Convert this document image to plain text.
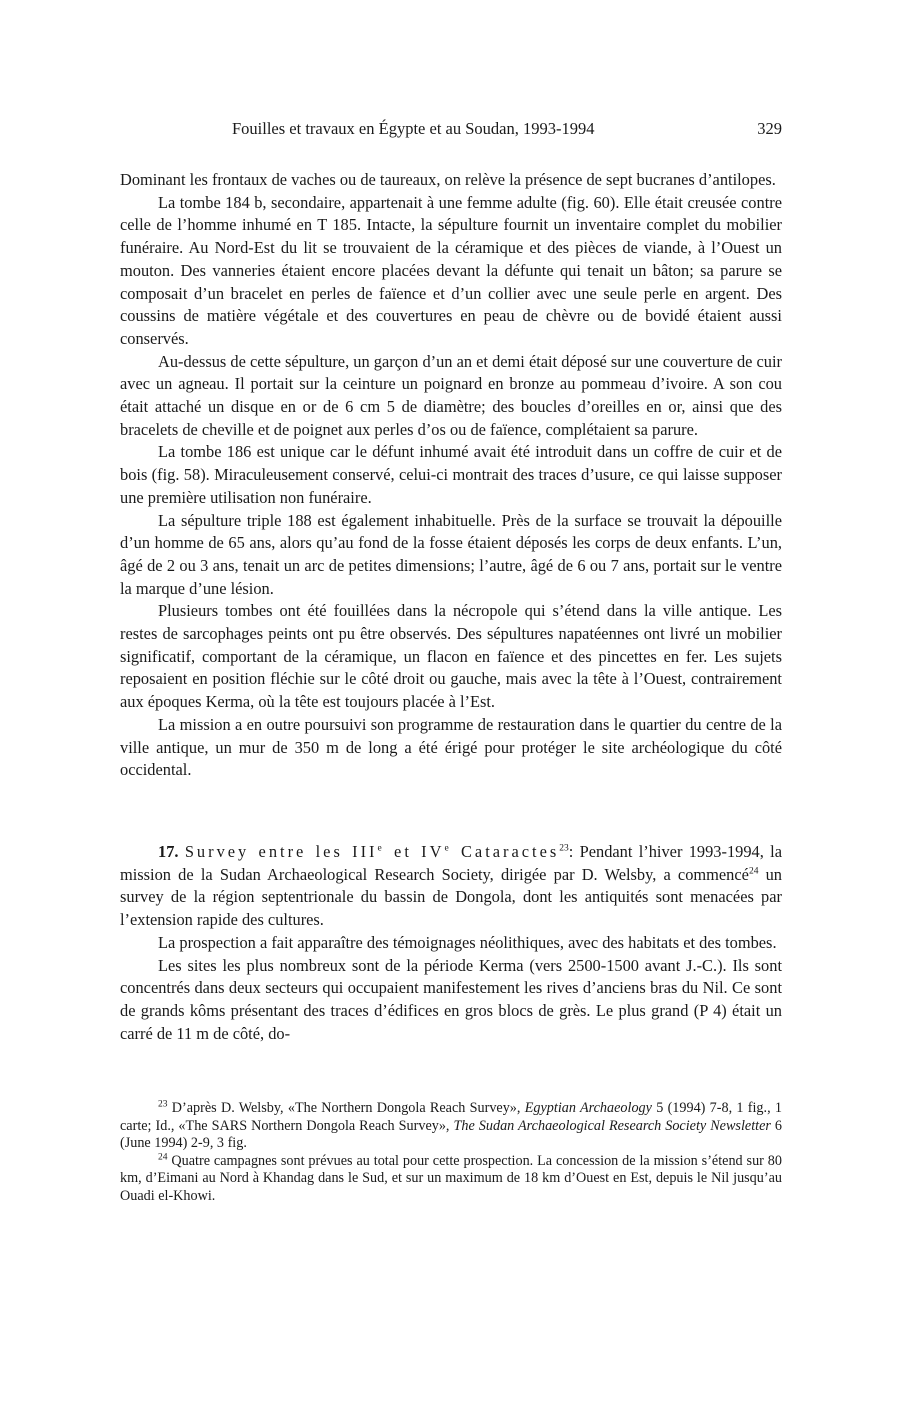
Fouilles et travaux en Égypte et au Soudan, 1993-1994	329

Dominant les frontaux de vaches ou de taureaux, on relève la présence de sept bucranes d’antilopes.

La tombe 184 b, secondaire, appartenait à une femme adulte (fig. 60). Elle était creusée contre celle de l’homme inhumé en T 185. Intacte, la sépulture fournit un inventaire complet du mobilier funéraire. Au Nord-Est du lit se trouvaient de la céramique et des pièces de viande, à l’Ouest un mouton. Des vanneries étaient encore placées devant la défunte qui tenait un bâton; sa parure se composait d’un bracelet en perles de faïence et d’un collier avec une seule perle en argent. Des coussins de matière végétale et des couvertures en peau de chèvre ou de bovidé étaient aussi conservés.

Au-dessus de cette sépulture, un garçon d’un an et demi était déposé sur une couverture de cuir avec un agneau. Il portait sur la ceinture un poignard en bronze au pommeau d’ivoire. A son cou était attaché un disque en or de 6 cm 5 de diamètre; des boucles d’oreilles en or, ainsi que des bracelets de cheville et de poignet aux perles d’os ou de faïence, complétaient sa parure.

La tombe 186 est unique car le défunt inhumé avait été introduit dans un coffre de cuir et de bois (fig. 58). Miraculeusement conservé, celui-ci montrait des traces d’usure, ce qui laisse supposer une première utilisation non funéraire.

La sépulture triple 188 est également inhabituelle. Près de la surface se trouvait la dépouille d’un homme de 65 ans, alors qu’au fond de la fosse étaient déposés les corps de deux enfants. L’un, âgé de 2 ou 3 ans, tenait un arc de petites dimensions; l’autre, âgé de 6 ou 7 ans, portait sur le ventre la marque d’une lésion.

Plusieurs tombes ont été fouillées dans la nécropole qui s’étend dans la ville antique. Les restes de sarcophages peints ont pu être observés. Des sépultures napatéennes ont livré un mobilier significatif, comportant de la céramique, un flacon en faïence et des pincettes en fer. Les sujets reposaient en position fléchie sur le côté droit ou gauche, mais avec la tête à l’Ouest, contrairement aux époques Kerma, où la tête est toujours placée à l’Est.

La mission a en outre poursuivi son programme de restauration dans le quartier du centre de la ville antique, un mur de 350 m de long a été érigé pour protéger le site archéologique du côté occidental.

17. Survey entre les IIIe et IVe Cataractes$^{23}$: Pendant l’hiver 1993-1994, la mission de la Sudan Archaeological Research Society, dirigée par D. Welsby, a commencé$^{24}$ un survey de la région septentrionale du bassin de Dongola, dont les antiquités sont menacées par l’extension rapide des cultures.

La prospection a fait apparaître des témoignages néolithiques, avec des habitats et des tombes.

Les sites les plus nombreux sont de la période Kerma (vers 2500-1500 avant J.-C.). Ils sont concentrés dans deux secteurs qui occupaient manifestement les rives d’anciens bras du Nil. Ce sont de grands kôms présentant des traces d’édifices en gros blocs de grès. Le plus grand (P 4) était un carré de 11 m de côté, do-

$^{23}$ D’après D. Welsby, «The Northern Dongola Reach Survey», Egyptian Archaeology 5 (1994) 7-8, 1 fig., 1 carte; Id., «The SARS Northern Dongola Reach Survey», The Sudan Archaeological Research Society Newsletter 6 (June 1994) 2-9, 3 fig.

$^{24}$ Quatre campagnes sont prévues au total pour cette prospection. La concession de la mission s’étend sur 80 km, d’Eimani au Nord à Khandag dans le Sud, et sur un maximum de 18 km d’Ouest en Est, depuis le Nil jusqu’au Ouadi el-Khowi.
